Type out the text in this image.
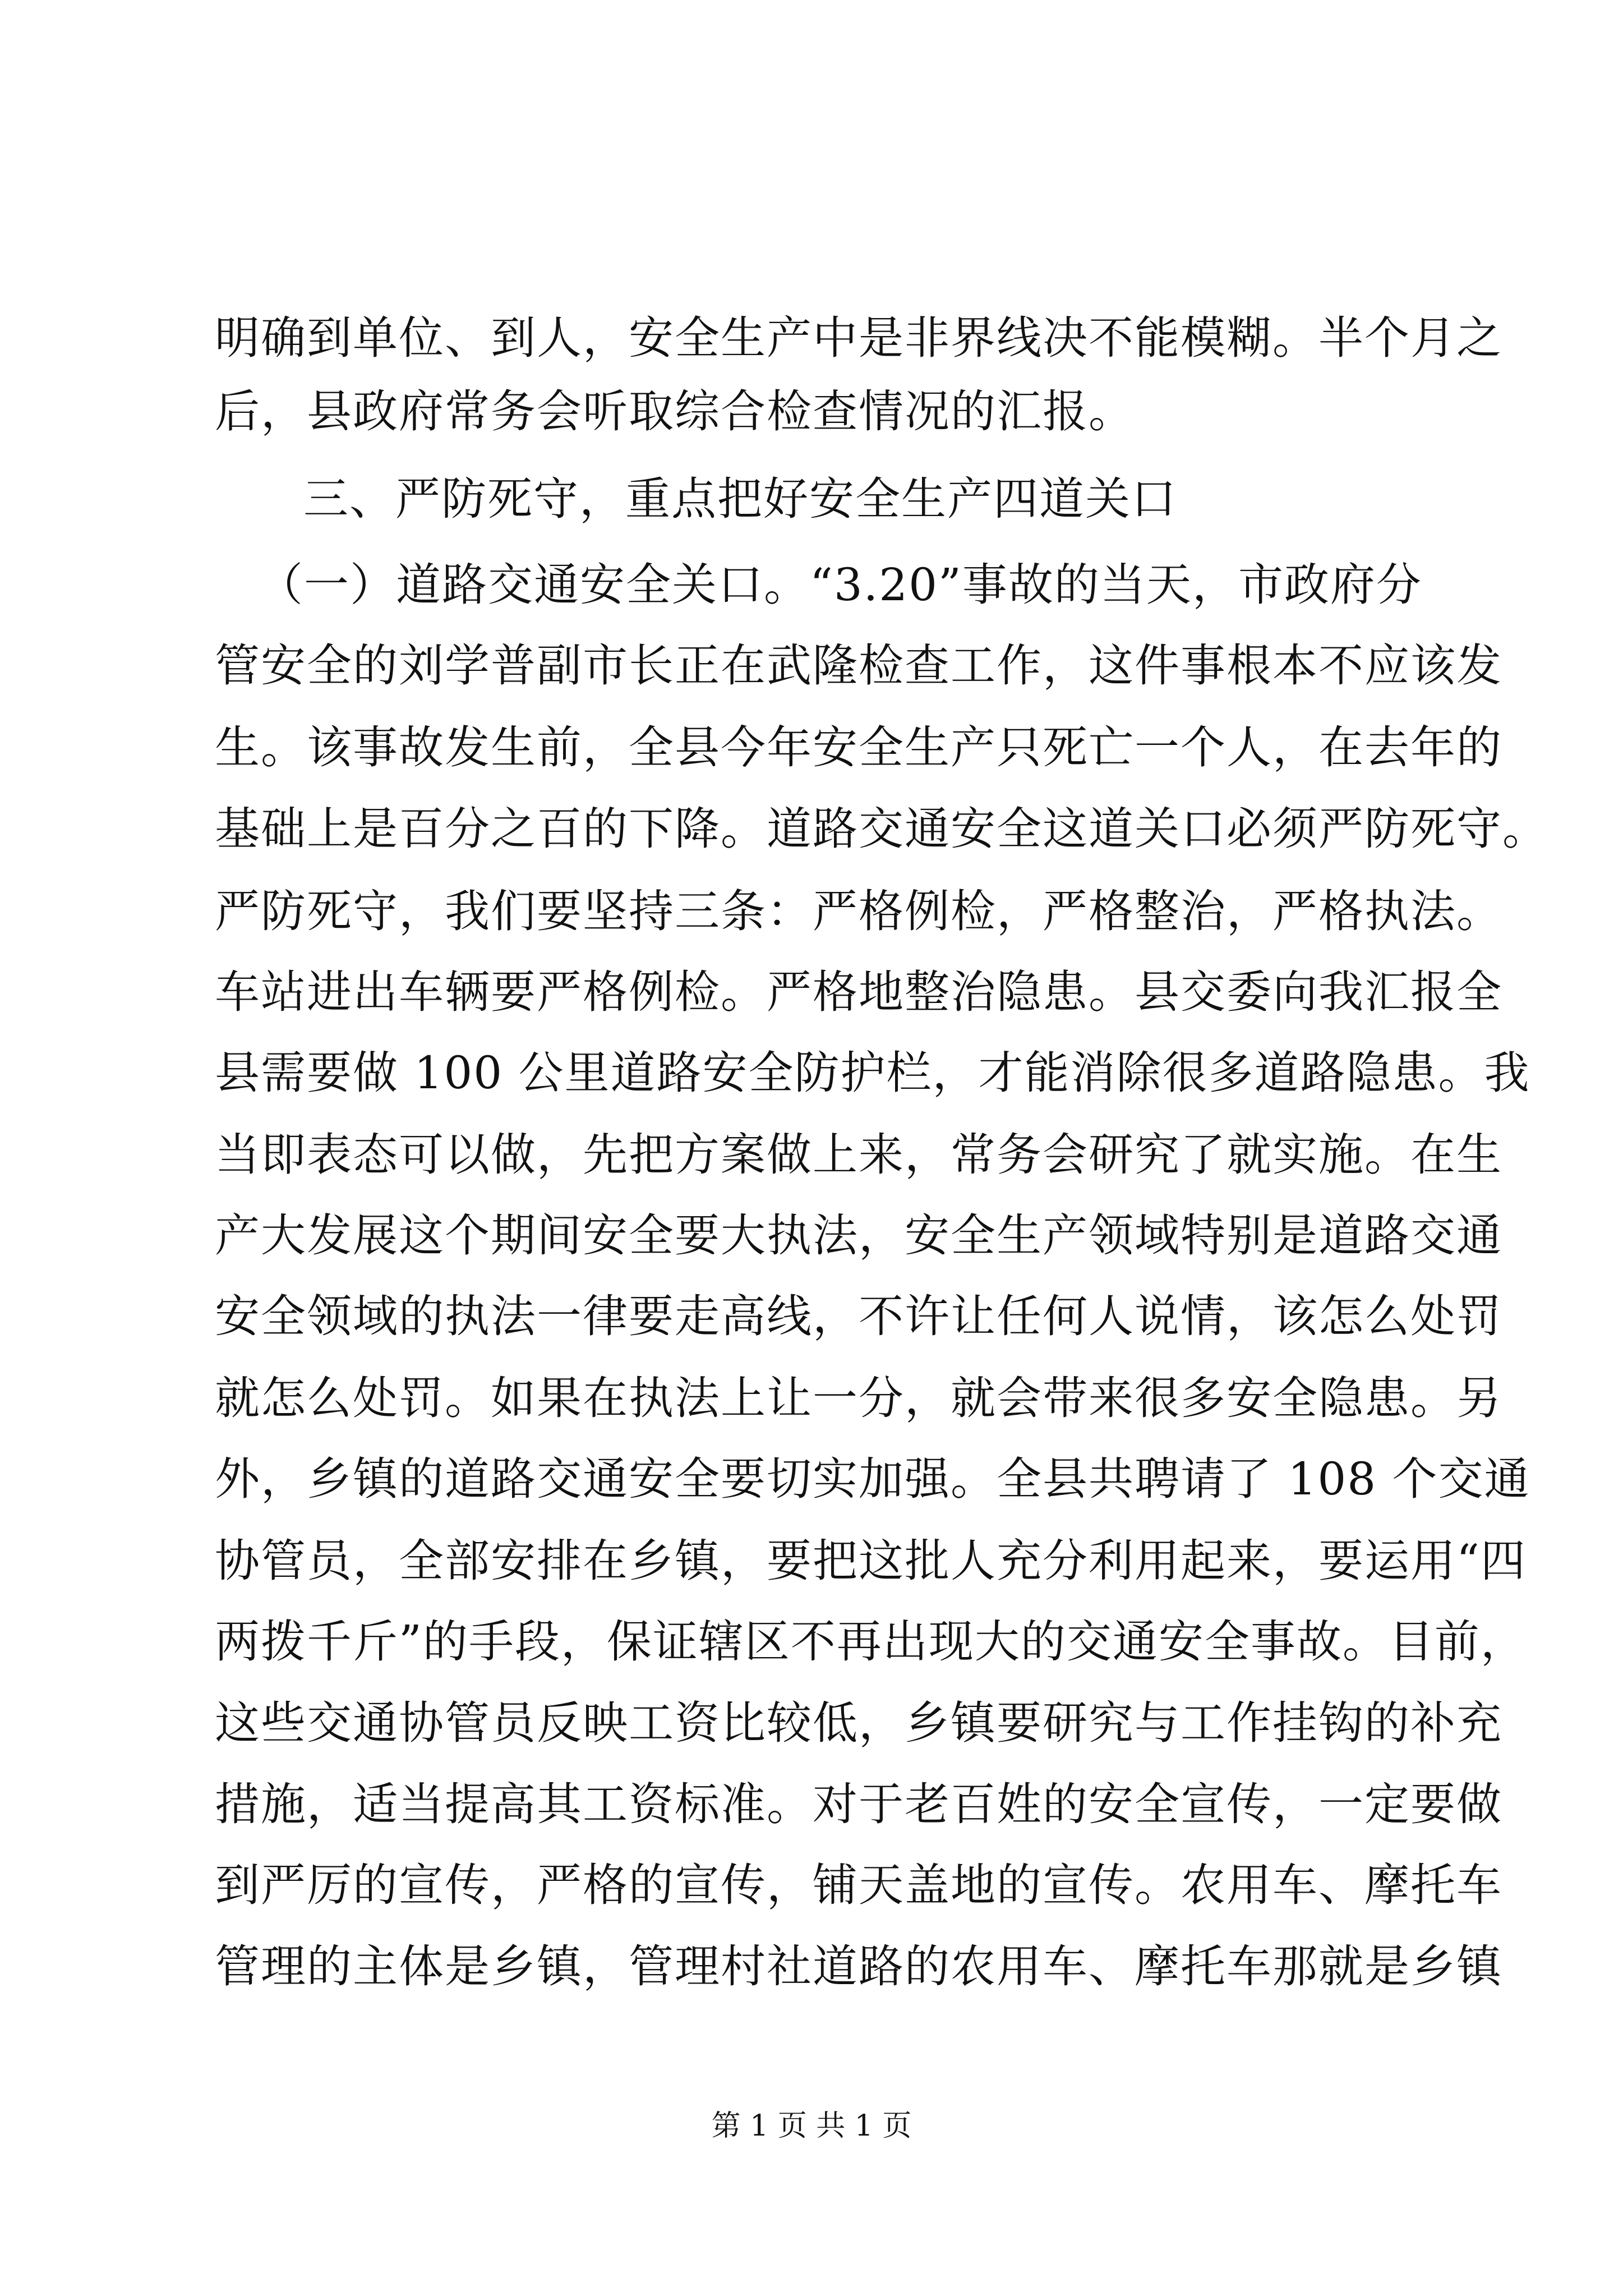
明确到单位、到人，安全生产中是非界线决不能模糊。半个月之
后，县政府常务会听取综合检查情况的汇报。
三、严防死守，重点把好安全生产四道关口
（一）道路交通安全关口。“3.20”事故的当天，市政府分
管安全的刘学普副市长正在武隆检查工作，这件事根本不应该发
生。该事故发生前，全县今年安全生产只死亡一个人，在去年的
基础上是百分之百的下降。道路交通安全这道关口必须严防死守。
严防死守，我们要坚持三条：严格例检，严格整治，严格执法。
车站进出车辆要严格例检。严格地整治隐患。县交委向我汇报全
县需要做 100 公里道路安全防护栏，才能消除很多道路隐患。我
当即表态可以做，先把方案做上来，常务会研究了就实施。在生
产大发展这个期间安全要大执法，安全生产领域特别是道路交通
安全领域的执法一律要走高线，不许让任何人说情，该怎么处罚
就怎么处罚。如果在执法上让一分，就会带来很多安全隐患。另
外，乡镇的道路交通安全要切实加强。全县共聘请了 108 个交通
协管员，全部安排在乡镇，要把这批人充分利用起来，要运用“四
两拨千斤”的手段，保证辖区不再出现大的交通安全事故。目前，
这些交通协管员反映工资比较低，乡镇要研究与工作挂钩的补充
措施，适当提高其工资标准。对于老百姓的安全宣传，一定要做
到严厉的宣传，严格的宣传，铺天盖地的宣传。农用车、摩托车
管理的主体是乡镇，管理村社道路的农用车、摩托车那就是乡镇
第 1 页 共 1 页
